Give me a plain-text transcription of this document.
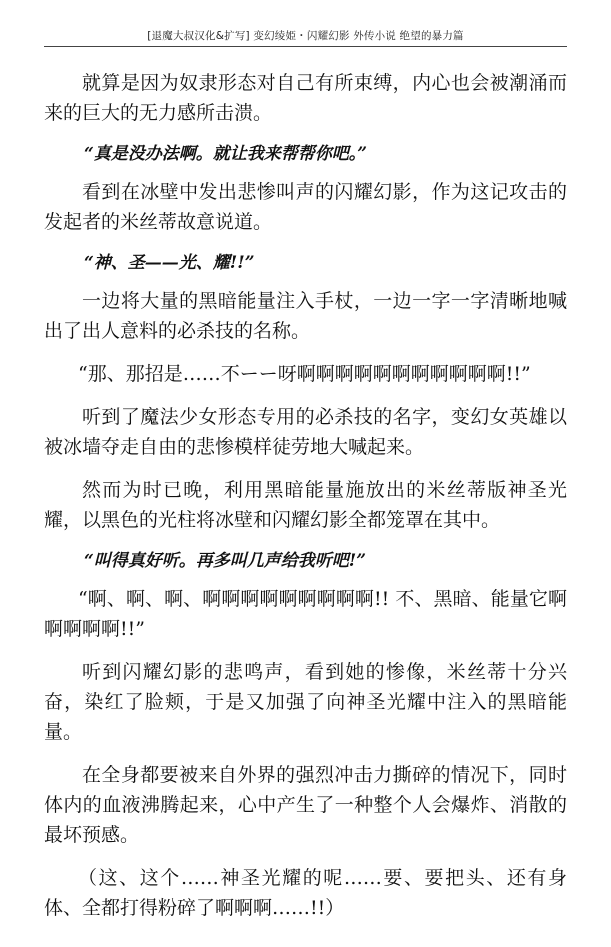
[退魔大叔汉化&扩写] 变幻绫姫・闪耀幻影 外传小说 绝望的暴力篇

就算是因为奴隶形态对自己有所束缚，内心也会被潮涌而来的巨大的无力感所击溃。

“真是没办法啊。就让我来帮帮你吧。”

看到在冰壁中发出悲惨叫声的闪耀幻影，作为这记攻击的发起者的米丝蒂故意说道。

“神、圣——光、耀!!”

一边将大量的黑暗能量注入手杖，一边一字一字清晰地喊出了出人意料的必杀技的名称。

“那、那招是……不ーー呀啊啊啊啊啊啊啊啊啊啊啊!!”

听到了魔法少女形态专用的必杀技的名字，变幻女英雄以被冰墙夺走自由的悲惨模样徒劳地大喊起来。

然而为时已晚，利用黑暗能量施放出的米丝蒂版神圣光耀，以黑色的光柱将冰壁和闪耀幻影全都笼罩在其中。

“叫得真好听。再多叫几声给我听吧!”

“啊、啊、啊、啊啊啊啊啊啊啊啊啊!! 不、黑暗、能量它啊啊啊啊啊!!”

听到闪耀幻影的悲鸣声，看到她的惨像，米丝蒂十分兴奋，染红了脸颊，于是又加强了向神圣光耀中注入的黑暗能量。

在全身都要被来自外界的强烈冲击力撕碎的情况下，同时体内的血液沸腾起来，心中产生了一种整个人会爆炸、消散的最坏预感。

（这、这个……神圣光耀的呢……要、要把头、还有身体、全都打得粉碎了啊啊啊……!!）
